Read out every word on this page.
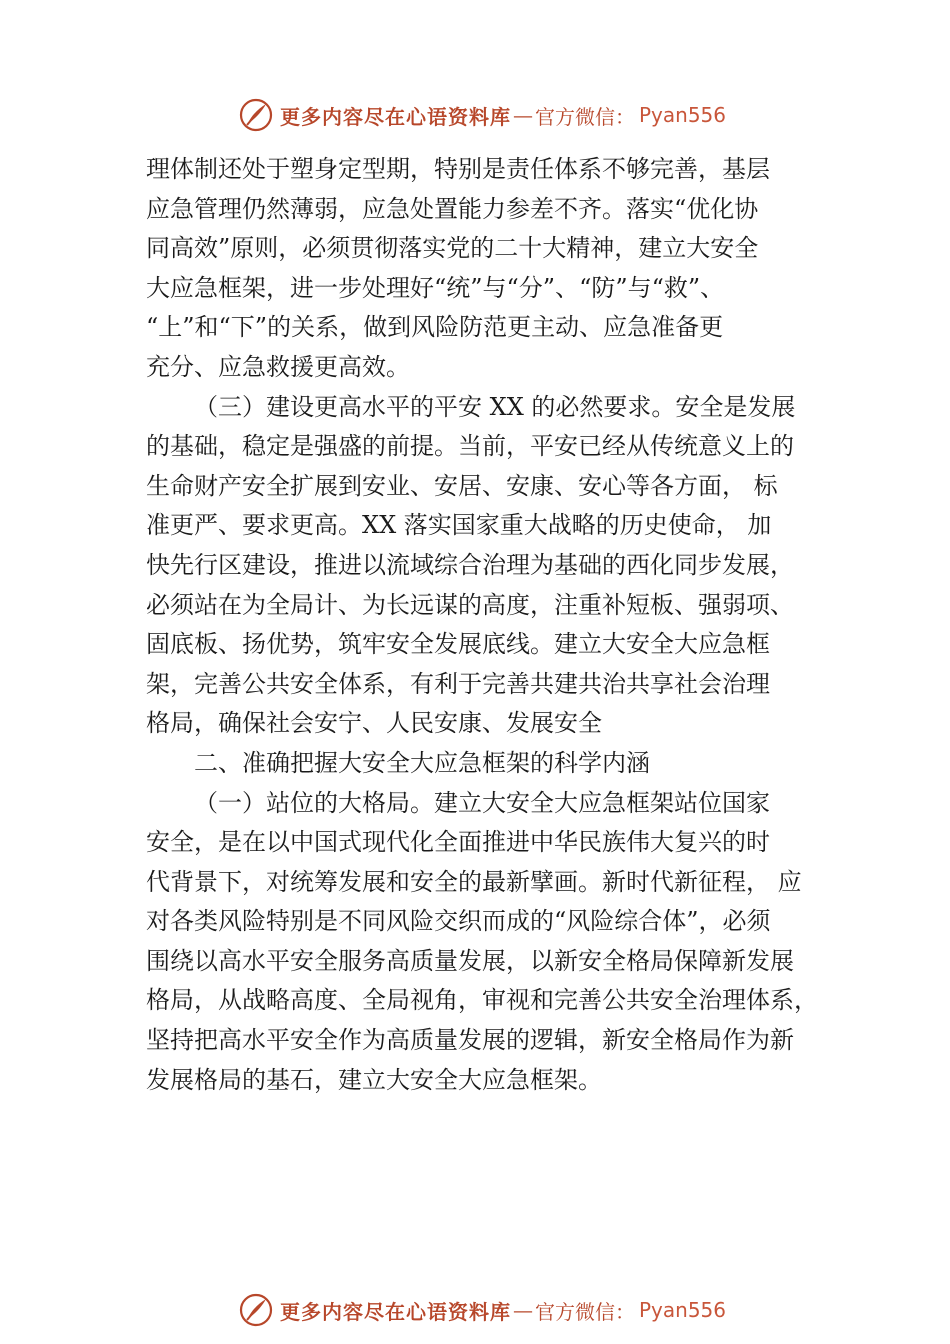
更多内容尽在心语资料库 — 官方微信： Pyan556
理体制还处于塑身定型期，特别是责任体系不够完善，基层
应急管理仍然薄弱，应急处置能力参差不齐。落实“优化协
同高效”原则，必须贯彻落实党的二十大精神，建立大安全
大应急框架，进一步处理好“统”与“分”、“防”与“救”、
“上”和“下”的关系，做到风险防范更主动、应急准备更
充分、应急救援更高效。
（三）建设更高水平的平安 XX 的必然要求。安全是发展
的基础，稳定是强盛的前提。当前，平安已经从传统意义上的
生命财产安全扩展到安业、安居、安康、安心等各方面， 标
准更严、要求更高。XX 落实国家重大战略的历史使命， 加
快先行区建设，推进以流域综合治理为基础的西化同步发展，
必须站在为全局计、为长远谋的高度，注重补短板、强弱项、
固底板、扬优势，筑牢安全发展底线。建立大安全大应急框
架，完善公共安全体系，有利于完善共建共治共享社会治理
格局，确保社会安宁、人民安康、发展安全
二、准确把握大安全大应急框架的科学内涵
（一）站位的大格局。建立大安全大应急框架站位国家
安全，是在以中国式现代化全面推进中华民族伟大复兴的时
代背景下，对统筹发展和安全的最新擘画。新时代新征程， 应
对各类风险特别是不同风险交织而成的“风险综合体”，必须
围绕以高水平安全服务高质量发展，以新安全格局保障新发展
格局，从战略高度、全局视角，审视和完善公共安全治理体系，
坚持把高水平安全作为高质量发展的逻辑，新安全格局作为新
发展格局的基石，建立大安全大应急框架。
更多内容尽在心语资料库 — 官方微信： Pyan556
